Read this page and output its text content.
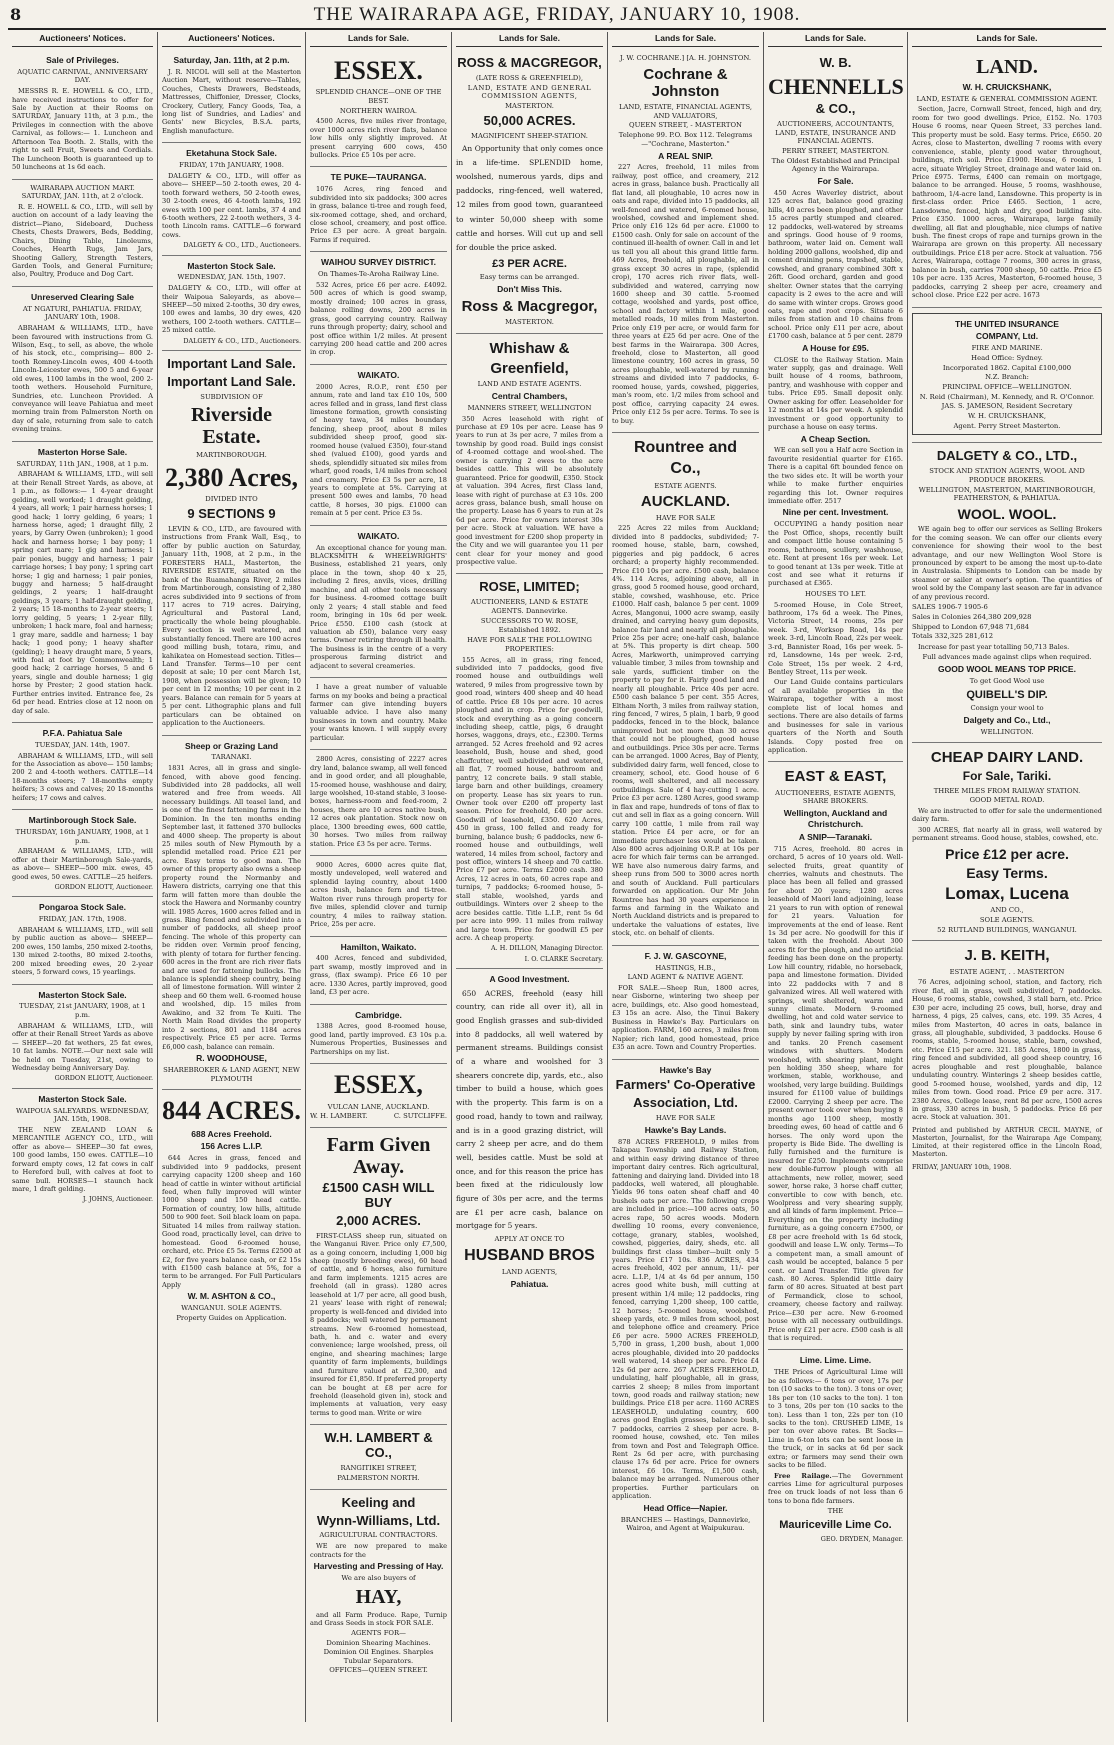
8	THE WAIRARAPA AGE, FRIDAY, JANUARY 10, 1908.
Auctioneers' Notices.
Sale of Privileges.
AQUATIC CARNIVAL, ANNIVERSARY DAY.
MESSRS R. E. HOWELL & CO., LTD., have received instructions to offer for Sale by Auction at their Rooms on SATURDAY, January 11th, at 3 p.m., the Privileges in connection with the above Carnival, as follows:— 1. Luncheon and Afternoon Tea Booth. 2. Stalls, with the right to sell Fruit, Sweets and Cordials. The Luncheon Booth is guaranteed up to 50 luncheons at 1s 6d each.
WAIRARAPA AUCTION MART. SATURDAY, JAN. 11th, at 2 o'clock.
R. E. HOWELL & CO., LTD., will sell by auction on account of a lady leaving the district—Piano, Sideboard, Duchess Chests, Chests Drawers, Beds, Bedding, Chairs, Dining Table, Linoleums, Couches, Hearth Rugs, Jam Jars, Shooting Gallery, Strength Testers, Garden Tools, and General Furniture; also, Poultry, Produce and Dog Cart.
Unreserved Clearing Sale
AT NGATURI, PAHIATUA. FRIDAY, JANUARY 10th, 1908.
ABRAHAM & WILLIAMS, LTD., have been favoured with instructions from G. Wilson, Esq., to sell, as above, the whole of his stock, etc., comprising— 800 2-tooth Romney-Lincoln ewes, 400 4-tooth Lincoln-Leicester ewes, 500 5 and 6-year old ewes, 1100 lambs in the wool, 200 2-tooth wethers. Household Furniture, Sundries, etc. Luncheon Provided. A conveyance will leave Pahiatua and meet morning train from Palmerston North on day of sale, returning from sale to catch evening trains.
Masterton Horse Sale.
SATURDAY, 11th JAN., 1908, at 1 p.m.
ABRAHAM & WILLIAMS, LTD., will sell at their Renall Street Yards, as above, at 1 p.m., as follows:— 1 4-year draught gelding, well worked; 1 draught gelding, 4 years, all work; 1 pair harness horses; 1 good hack; 1 lorry gelding, 6 years; 1 harness horse, aged; 1 draught filly, 2 years, by Garry Owen (unbroken); 1 good hack and harness horse; 1 bay pony; 1 spring cart mare; 1 gig and harness; 1 pair ponies, buggy and harness; 1 pair carriage horses; 1 bay pony; 1 spring cart horse; 1 gig and harness; 1 pair ponies, buggy and harness; 5 half-draught geldings, 2 years; 1 half-draught geldings, 3 years; 1 half-draught gelding, 2 years; 15 18-months to 2-year steers; 1 lorry gelding, 5 years; 1 2-year filly, unbroken; 1 hack mare, foal and harness; 1 gray mare, saddle and harness; 1 bay hack; 1 good pony; 1 heavy shafter (gelding); 1 heavy draught mare, 5 years, with foal at foot by Commonwealth; 1 good hack; 2 carriage horses, 5 and 6 years, single and double harness; 1 gig horse by Prester; 2 good station hack. Further entries invited. Entrance fee, 2s 6d per head. Entries close at 12 noon on day of sale.
P.F.A. Pahiatua Sale
TUESDAY, JAN. 14th, 1907.
ABRAHAM & WILLIAMS, LTD., will sell for the Association as above— 150 lambs; 200 2 and 4-tooth wethers. CATTLE—14 18-months steers; 7 18-months empty heifers; 3 cows and calves; 20 18-months heifers; 17 cows and calves.
Martinborough Stock Sale.
THURSDAY, 16th JANUARY, 1908, at 1 p.m.
ABRAHAM & WILLIAMS, LTD., will offer at their Martinborough Sale-yards, as above— SHEEP—500 mix. ewes, 45 good ewes, 50 ewes. CATTLE—25 heifers.
GORDON ELIOTT, Auctioneer.
Pongaroa Stock Sale.
FRIDAY, JAN. 17th, 1908.
ABRAHAM & WILLIAMS, LTD., will sell by public auction as above— SHEEP—200 ewes, 150 lambs, 250 mixed 2-tooths, 130 mixed 2-tooths, 80 mixed 2-tooths, 200 mixed breeding ewes, 20 2-year steers, 5 forward cows, 15 yearlings.
Masterton Stock Sale.
TUESDAY, 21st JANUARY, 1908, at 1 p.m.
ABRAHAM & WILLIAMS, LTD., will offer at their Renall Street Yards as above— SHEEP—20 fat wethers, 25 fat ewes, 10 fat lambs. NOTE.—Our next sale will be held on Tuesday, 21st, owing to Wednesday being Anniversary Day.
GORDON ELIOTT, Auctioneer.
Masterton Stock Sale.
WAIPOUA SALEYARDS. WEDNESDAY, JAN. 15th, 1908.
THE NEW ZEALAND LOAN & MERCANTILE AGENCY CO., LTD., will offer as above— SHEEP—30 fat ewes, 100 good lambs, 150 ewes. CATTLE—10 forward empty cows, 12 fat cows in calf to Hereford bull, with calves at foot to same bull. HORSES—1 staunch hack mare, 1 draft gelding.
J. JOHNS, Auctioneer.
Auctioneers' Notices.
Saturday, Jan. 11th, at 2 p.m.
J. R. NICOL will sell at the Masterton Auction Mart, without reserve—Tables, Couches, Chests Drawers, Bedsteads, Mattresses, Chiffonier, Dresser, Clocks, Crockery, Cutlery, Fancy Goods, Tea, a long list of Sundries, and Ladies' and Gents' new Bicycles, B.S.A. parts, English manufacture.
Eketahuna Stock Sale.
FRIDAY, 17th JANUARY, 1908.
DALGETY & CO., LTD., will offer as above— SHEEP—50 2-tooth ewes, 20 4-tooth forward wethers, 50 2-tooth ewes, 30 2-tooth ewes, 46 4-tooth lambs, 192 ewes with 100 per cent. lambs, 37 4 and 6-tooth wethers, 22 2-tooth wethers, 3 4-tooth Lincoln rams. CATTLE—6 forward cows.
DALGETY & CO., LTD., Auctioneers.
Masterton Stock Sale.
WEDNESDAY, JAN. 15th, 1907.
DALGETY & CO., LTD., will offer at their Waipoua Saleyards, as above— SHEEP—50 mixed 2-tooths, 30 dry ewes, 100 ewes and lambs, 30 dry ewes, 420 wethers, 100 2-tooth wethers. CATTLE—25 mixed cattle.
DALGETY & CO., LTD., Auctioneers.
Important Land Sale.
Important Land Sale.
SUBDIVISION OF
Riverside Estate.
MARTINBOROUGH.
2,380 Acres,
DIVIDED INTO
9 SECTIONS 9
LEVIN & CO., LTD., are favoured with instructions from Frank Wall, Esq., to offer by public auction on Saturday, January 11th, 1908, at 2 p.m., in the FORESTERS HALL, Masterton, the RIVERSIDE ESTATE, situated on the bank of the Ruamahanga River, 2 miles from Martinborough, consisting of 2,380 acres subdivided into 9 sections of from 117 acres to 719 acres. Dairying, Agricultural and Pastoral Land, practically the whole being ploughable. Every section is well watered, and substantially fenced. There are 100 acres good milling bush, totara, rimu, and kahikatea on Homestead section. Titles—Land Transfer. Terms—10 per cent deposit at sale; 10 per cent March 1st, 1908, when possession will be given; 10 per cent in 12 months; 10 per cent in 2 years. Balance can remain for 5 years at 5 per cent. Lithographic plans and full particulars can be obtained on application to the Auctioneers.
Sheep or Grazing Land
TARANAKI.
1831 Acres, all in grass and single-fenced, with above good fencing. Subdivided into 28 paddocks, all well watered and free from weeds. All necessary buildings. All teasel land, and is one of the finest fattening farms in the Dominion. In the ten months ending September last, it fattened 370 bullocks and 4000 sheep. The property is about 25 miles south of New Plymouth by a splendid metalled road. Price £21 per acre. Easy terms to good man. The owner of this property also owns a sheep property round the Normanby and Hawera districts, carrying one that this farm will fatten more than double the stock the Hawera and Normanby country will. 1985 Acres, 1600 acres felled and in grass. Ring fenced and subdivided into a number of paddocks, all sheep proof fencing. The whole of this property can be ridden over. Vermin proof fencing, with plenty of totara for further fencing. 600 acres in the front are rich river flats and are used for fattening bullocks. The balance is splendid sheep country, being all of limestone formation. Will winter 2 sheep and 60 them well. 6-roomed house and woolshed, dip. 15 miles from Awakino, and 32 from Te Kuiti. The North Main Road divides the property into 2 sections, 801 and 1184 acres respectively. Price £5 per acre. Terms £6,000 cash, balance can remain.
R. WOODHOUSE,
SHAREBROKER & LAND AGENT, NEW PLYMOUTH
844 ACRES.
688 Acres Freehold.
156 Acres L.I.P.
644 Acres in grass, fenced and subdivided into 9 paddocks, present carrying capacity 1200 sheep and 160 head of cattle in winter without artificial feed, when fully improved will winter 1000 sheep and 150 head cattle. Formation of country, low hills, altitude 500 to 900 feet. Soil black loam on papa. Situated 14 miles from railway station. Good road, practically level, can drive to homestead. Good 6-roomed house, orchard, etc. Price £5 5s. Terms £2500 at £2, for five years balance cash, or £2 15s with £1500 cash balance at 5%, for a term to be arranged. For Full Particulars Apply
W. M. ASHTON & CO.,
WANGANUI. SOLE AGENTS.
Property Guides on Application.
Lands for Sale.
ESSEX.
SPLENDID CHANCE—ONE OF THE BEST.
NORTHERN WAIROA.
4500 Acres, five miles river frontage, over 1000 acres rich river flats, balance low hills only slightly improved. At present carrying 600 cows, 450 bullocks. Price £5 10s per acre.
TE PUKE—TAURANGA.
1076 Acres, ring fenced and subdivided into six paddocks; 300 acres in grass, balance ti-tree and rough feed, six-roomed cottage, shed, and orchard, close school, creamery, and post office. Price £3 per acre. A great bargain. Farms if required.
WAIHOU SURVEY DISTRICT.
On Thames-Te-Aroha Railway Line.
532 Acres, price £6 per acre. £4092. 500 acres of which is good swamp, mostly drained; 100 acres in grass, balance rolling downs, 200 acres in grass, good carrying country. Railway runs through property; dairy, school and post office within 1/2 miles. At present carrying 200 head cattle and 200 acres in crop.
WAIKATO.
2000 Acres, R.O.P., rent £50 per annum, rate and land tax £10 10s, 500 acres felled and in grass, land first class limestone formation, growth consisting of heavy tawa, 34 miles boundary fencing, sheep proof, about 8 miles subdivided sheep proof, good six-roomed house (valued £350), four-stand shed (valued £100), good yards and sheds, splendidly situated six miles from wharf, good roads, 1/4 miles from school and creamery. Price £3 5s per acre, 18 years to complete at 5%. Carrying at present 500 ewes and lambs, 70 head cattle, 8 horses, 30 pigs. £1000 can remain at 5 per cent. Price £3 5s.
WAIKATO.
An exceptional chance for young man. BLACKSMITH & WHEELWRIGHTS' Business, established 21 years, only place in the town, shop 40 x 25, including 2 fires, anvils, vices, drilling machine, and all other tools necessary for business. 4-roomed cottage built only 2 years; 4 stall stable and feed room, bringing in 10s 6d per week. Price £550. £100 cash (stock at valuation ab £50), balance very easy terms. Owner retiring through ill health. The business is in the centre of a very prosperous farming district and adjacent to several creameries.
I have a great number of valuable farms on my books and being a practical farmer can give intending buyers valuable advice. I have also many businesses in town and country. Make your wants known. I will supply every particular.
2800 Acres, consisting of 2227 acres dry land, balance swamp, all well fenced and in good order, and all ploughable, 15-roomed house, washhouse and dairy, large woolshed, 10-stand stable, 3 loose-boxes, harness-room and feed-room, 2 houses, there are 10 acres native bush, 12 acres oak plantation. Stock now on place, 1300 breeding ewes, 600 cattle, 30 horses. Two miles from railway station. Price £3 5s per acre. Terms.
9000 Acres, 6000 acres quite flat, mostly undeveloped, well watered and splendid laying country, about 1400 acres bush, balance fern and ti-tree. Walton river runs through property for five miles, splendid clover and turnip country, 4 miles to railway station. Price, 25s per acre.
Hamilton, Waikato.
400 Acres, fenced and subdivided, part swamp, mostly improved and in grass, (flax swamp). Price £6 10 per acre. 1330 Acres, partly improved, good land, £3 per acre.
Cambridge.
1388 Acres, good 8-roomed house, good land, partly improved. £3 10s p.a. Numerous Properties, Businesses and Partnerships on my list.
ESSEX,
VULCAN LANE, AUCKLAND.
W. H. LAMBERT.	C. SUTCLIFFE.
Farm Given Away.
£1500 CASH WILL BUY
2,000 ACRES.
FIRST-CLASS sheep run, situated on the Wanganui River. Price only £7,500, as a going concern, including 1,000 big sheep (mostly breeding ewes), 60 head of cattle, and 6 horses, also furniture and farm implements. 1215 acres are freehold (all in grass). 1280 acres leasehold at 1/7 per acre, all good bush, 21 years' lease with right of renewal; property is well-fenced and divided into 8 paddocks; well watered by permanent streams. New 6-roomed homestead, bath, h. and c. water and every convenience; large woolshed, press, oil engine, and shearing machines; large quantity of farm implements, buildings and furniture valued at £2,300, and insured for £1,850. If preferred property can be bought at £8 per acre for freehold (leasehold given in), stock and implements at valuation, very easy terms to good man. Write or wire
W.H. LAMBERT & CO.,
RANGITIKEI STREET,
PALMERSTON NORTH.
Keeling and
Wynn-Williams, Ltd.
AGRICULTURAL CONTRACTORS.
WE are now prepared to make contracts for the
Harvesting and Pressing of Hay.
We are also buyers of
HAY,
and all Farm Produce. Rape, Turnip and Grass Seeds in stock FOR SALE.
AGENTS FOR—
Dominion Shearing Machines. Dominion Oil Engines. Sharples Tubular Separators.
OFFICES—QUEEN STREET.
Lands for Sale.
ROSS & MACGREGOR,
(LATE ROSS & GREENFIELD),
LAND, ESTATE AND GENERAL COMMISSION AGENTS,
MASTERTON.
50,000 ACRES.
MAGNIFICENT SHEEP-STATION.
An Opportunity that only comes once in a life-time. SPLENDID home, woolshed, numerous yards, dips and paddocks, ring-fenced, well watered, 12 miles from good town, guaranteed to winter 50,000 sheep with some cattle and horses. Will cut up and sell for double the price asked.
£3 PER ACRE.
Easy terms can be arranged.
Don't Miss This.
Ross & Macgregor,
MASTERTON.
Whishaw &
Greenfield,
LAND AND ESTATE AGENTS.
Central Chambers,
MANNERS STREET, WELLINGTON
350 Acres leasehold with right of purchase at £9 10s per acre. Lease has 9 years to run at 3s per acre, 7 miles from a township by good road. Build ings consist of 4-roomed cottage and wool-shed. The owner is carrying 2 ewes to the acre besides cattle. This will be absolutely guaranteed. Price for goodwill, £350. Stock at valuation. 394 Acres, first Class land, lease with right of purchase at £3 10s. 200 acres grass, balance bush, small house on the property. Lease has 6 years to run at 2s 6d per acre. Price for owners interest 30s per acre. Stock at valuation. WE have a good investment for £200 shop property in the City and we will guarantee you 11 per cent clear for your money and good prospective value.
ROSE, LIMITED;
AUCTIONEERS, LAND & ESTATE AGENTS. Dannevirke.
SUCCESSORS TO W. ROSE,
Established 1892.
HAVE FOR SALE THE FOLLOWING PROPERTIES:
155 Acres, all in grass, ring fenced, subdivided into 7 paddocks, good five roomed house and outbuildings well watered, 9 miles from progressive town by good road, winters 400 sheep and 40 head of cattle. Price £8 10s per acre. 10 acres ploughed and in crop. Price for goodwill, stock and everything as a going concern including sheep, cattle, pigs, 6 draught horses, waggons, drays, etc., £2300. Terms arranged. 52 Acres freehold and 92 acres leasehold, Bush, house and shed, good chaffcutter, well subdivided and watered, all flat, 7 roomed house, bathroom and pantry, 12 concrete bails. 9 stall stable, large barn and other buildings, creamery on property. Lease has six years to run. Owner took over £200 off property last season. Price for freehold, £40 per acre. Goodwill of leasehold, £350. 620 Acres, 450 in grass, 100 felled and ready for burning, balance bush; 6 paddocks, new 6-roomed house and outbuildings, well watered, 14 miles from school, factory and post office, winters 14 sheep and 70 cattle. Price £7 per acre. Terms £2000 cash. 380 Acres, 12 acres in oats, 60 acres rape and turnips, 7 paddocks; 6-roomed house, 5-stall stable, woolshed, yards and outbuildings. Winters over 2 sheep to the acre besides cattle. Title L.I.P., rent 5s 6d per acre into 999. 11 miles from railway and large town. Price for goodwill £5 per acre. A cheap property.
A. H. DILLON, Managing Director.
I. O. CLARKE Secretary.
A Good Investment.
650 ACRES, freehold (easy hill country, can ride all over it), all in good English grasses and sub-divided into 8 paddocks, all well watered by permanent streams. Buildings consist of a whare and woolshed for 3 shearers concrete dip, yards, etc., also timber to build a house, which goes with the property. This farm is on a good road, handy to town and railway, and is in a good grazing district, will carry 2 sheep per acre, and do them well, besides cattle. Must be sold at once, and for this reason the price has been fixed at the ridiculously low figure of 30s per acre, and the terms are £1 per acre cash, balance on mortgage for 5 years.
APPLY AT ONCE TO
HUSBAND BROS
LAND AGENTS,
Pahiatua.
Lands for Sale.
J. W. COCHRANE.] [A. H. JOHNSTON.
Cochrane & Johnston
LAND, ESTATE, FINANCIAL AGENTS, AND VALUATORS,
QUEEN STREET, - MASTERTON
Telephone 99. P.O. Box 112. Telegrams—"Cochrane, Masterton."
A REAL SNIP.
227 Acres, freehold, 11 miles from railway, post office, and creamery, 212 acres in grass, balance bush. Practically all flat land, all ploughable, 10 acres now in oats and rape, divided into 15 paddocks, all well-fenced and watered, 6-roomed house, woolshed, cowshed and implement shed. Price only £16 12s 6d per acre. £1000 to £1500 cash. Only for sale on account of the continued ill-health of owner. Call in and let us tell you all about this grand little farm. 469 Acres, freehold, all ploughable, all in grass except 30 acres in rape, (splendid crop), 170 acres rich river flats, well-subdivided and watered, carrying now 1600 sheep and 30 cattle. 5-roomed cottage, woolshed and yards, post office, school and factory within 1 mile, good metalled roads, 10 miles from Masterton. Price only £19 per acre, or would farm for three years at £25 6d per acre. One of the best farms in the Wairarapa. 300 Acres, freehold, close to Masterton, all good limestone country, 160 acres in grass, 50 acres ploughable, well-watered by running streams and divided into 7 paddocks, 6-roomed house, yards, cowshed, piggeries, man's room, etc. 1/2 miles from school and post office, carrying capacity 24 ewes. Price only £12 5s per acre. Terms. To see is to buy.
Rountree and
Co.,
ESTATE AGENTS.
AUCKLAND.
HAVE FOR SALE
225 Acres 22 miles from Auckland; divided into 8 paddocks, subdivided; 7-roomed house, stable, barn, cowshed, piggeries and pig paddock, 6 acres orchard; a property highly recommended. Price £10 10s per acre. £500 cash, balance 4%. 114 Acres, adjoining above, all in grass, good 5 roomed house, good orchard, stable, cowshed, washhouse, etc. Price £1000. Half cash, balance 5 per cent. 1009 Acres, Mangonui, 1000 acre swamp, easily drained, and carrying heavy gum deposits, balance fair land and nearly all ploughable. Price 25s per acre; one-half cash, balance at 5%. This property is dirt cheap. 500 Acres, Markworth, unimproved carrying valuable timber, 3 miles from township and sale yards, sufficient timber on the property to pay for it. Fairly good land and nearly all ploughable. Price 40s per acre. £500 cash balance 5 per cent. 355 Acres, Eltham North, 3 miles from railway station, ring fenced, 7 wires, 5 plain, 1 barb, 9 good paddocks, fenced in to the block, balance unimproved but not more than 30 acres that could not be ploughed, good house and outbuildings. Price 30s per acre. Terms can be arranged. 1000 Acres, Bay of Plenty, subdivided dairy farm, well fenced, close to creamery, school, etc. Good house of 6 rooms, well sheltered, and all necessary outbuildings. Sale of 4 hay-cutting 1 acre. Price £3 per acre. 1280 Acres, good swamp in flax and rape, hundreds of tons of flax to cut and sell in flax as a going concern. Will carry 100 cattle, 1 mile from rail way station. Price £4 per acre, or for an immediate purchaser less would be taken. Also 800 acres adjoining O.R.P. at 10s per acre for which fair terms can be arranged. WE have also numerous dairy farms, and sheep runs from 500 to 3000 acres north and south of Auckland. Full particulars forwarded on application. Our Mr John Rountree has had 30 years experience in farms and farming in the Waikato and North Auckland districts and is prepared to undertake the valuations of estates, live stock, etc. on behalf of clients.
F. J. W. GASCOYNE,
HASTINGS, H.B.,
LAND AGENT & NATIVE AGENT.
FOR SALE.—Sheep Run, 1800 acres, near Gisborne, wintering two sheep per acre, buildings, etc. Also good homestead, £3 15s an acre. Also, the Tinui Bakery Business in Hawke's Bay. Particulars on application. FARM, 160 acres, 3 miles from Napier; rich land, good homestead, price £35 an acre. Town and Country Properties.
Hawke's Bay
Farmers' Co-Operative
Association, Ltd.
HAVE FOR SALE
Hawke's Bay Lands.
878 ACRES FREEHOLD, 9 miles from Takapau Township and Railway Station, and within easy driving distance of three important dairy centres. Rich agricultural, fattening and dairying land. Divided into 18 paddocks, well watered, all ploughable. Yields 96 tons oaten sheaf chaff and 40 bushels oats per acre. The following crops are included in price:—100 acres oats, 50 acres rape, 50 acres woods. Modern dwelling 10 rooms, every convenience, cottage, granary, stables, woolshed, cowshed, piggeries, dairy, sheds, etc. all buildings first class timber—built only 5 years. Price £17 10s. 836 ACRES, 434 acres freehold, 402 per annum, 11/- per acre. L.I.P., 1/4 at 4s 6d per annum, 150 acres good white bush, mill cutting at present within 1/4 mile; 12 paddocks, ring fenced, carrying 1,200 sheep, 100 cattle, 12 horses; 5-roomed house, woolshed, sheep yards, etc. 9 miles from school, post and telephone office and creamery. Price £6 per acre. 5900 ACRES FREEHOLD, 5,700 in grass, 1,200 bush, about 1,000 acres ploughable, divided into 20 paddocks well watered, 14 sheep per acre. Price £4 12s 6d per acre. 267 ACRES FREEHOLD, undulating, half ploughable, all in grass, carries 2 sheep; 8 miles from important town, good roads and railway station; new buildings. Price £18 per acre. 1160 ACRES LEASEHOLD, undulating country, 600 acres good English grasses, balance bush, 7 paddocks, carries 2 sheep per acre. 8-roomed house, cowshed, etc. Ten miles from town and Post and Telegraph Office. Rent 2s 6d per acre, with purchasing clause 17s 6d per acre. Price for owners interest, £6 10s. Terms, £1,500 cash, balance may be arranged. Numerous other properties. Further particulars on application.
Head Office—Napier.
BRANCHES — Hastings, Dannevirke, Wairoa, and Agent at Waipukurau.
Lands for Sale.
W. B.
CHENNELLS
& CO.,
AUCTIONEERS, ACCOUNTANTS, LAND, ESTATE, INSURANCE AND FINANCIAL AGENTS.
PERRY STREET, MASTERTON.
The Oldest Established and Principal Agency in the Wairarapa.
For Sale.
450 Acres Waverley district, about 125 acres flat, balance good grazing hills, 40 acres been ploughed, and other 15 acres partly stumped and cleared. 12 paddocks, well-watered by streams and springs. Good house of 9 rooms, bathroom, water laid on. Cement wall holding 2000 gallons, woolshed, dip and cement draining pens, trapshed, stable, cowshed, and granary combined 30ft x 26ft. Good orchard, garden and good shelter. Owner states that the carrying capacity is 2 ewes to the acre and will do same with winter crops. Grows good oats, rape and root crops. Situate 6 miles from station and 10 chains from school. Price only £11 per acre, about £1700 cash, balance at 5 per cent. 2879
A House for £95.
CLOSE to the Railway Station. Main water supply, gas and drainage. Well built house of 4 rooms, bathroom, pantry, and washhouse with copper and tubs. Price £95. Small deposit only. Owner asking for offer. Leaseholder for 12 months at 14s per week. A splendid investment or good opportunity to purchase a house on easy terms.
A Cheap Section.
WE can sell you a Half acre Section in favourite residential quarter for £165. There is a capital 6ft bounded fence on the two sides etc. It will be worth your while to make further enquiries regarding this lot. Owner requires immediate offer. 2517
Nine per cent. Investment.
OCCUPYING a handy position near the Post Office, shops, recently built and compact little house containing 5 rooms, bathroom, scullery, washhouse, etc. Rent at present 16s per week. Let to good tenant at 13s per week. Title at cost and see what it returns if purchased at £365.
HOUSES TO LET.
5-roomed House, in Cole Street, bathroom, 17s 6d a week. The Pines, Victoria Street, 14 rooms, 25s per week. 3-rd, Worksop Road, 14s per week. 3-rd, Lincoln Road, 22s per week. 3-rd, Bannister Road, 16s per week. 5-rd, Lansdowne, 14s per week. 2-rd, Cole Street, 15s per week. 2 4-rd, Bentley Street, 11s per week.
Our Land Guide contains particulars of all available properties in the Wairarapa, together with a most complete list of local homes and sections. There are also details of farms and businesses for sale in various quarters of the North and South Islands. Copy posted free on application.
EAST & EAST,
AUCTIONEERS, ESTATE AGENTS, SHARE BROKERS.
Wellington, Auckland and Christchurch.
A SNIP—Taranaki.
715 Acres, freehold. 80 acres in orchard, 5 acres of 10 years old. Well-selected fruits, great quantity of cherries, walnuts and chestnuts. The place has been all felled and grassed for about 20 years; 1280 acres leasehold of Maori land adjoining, lease 21 years to run with option of renewal for 21 years. Valuation for improvements at the end of lease. Rent 1s 3d per acre. No goodwill for this if taken with the freehold. About 300 acres fit for the plough, and no artificial feeding has been done on the property. Low hill country, ridable, no horseback, papa and limestone formation. Divided into 22 paddocks with 7 and 8 galvanized wires. All well watered with springs, well sheltered, warm and sunny climate. Modern 9-roomed dwelling, hot and cold water service to bath, sink and laundry tubs, water supply by never failing spring with iron and tanks. 20 French casement windows with shutters. Modern woolshed, with shearing plant, might pen holding 350 sheep, whare for workmen, stable, workhouse, and woolshed, very large building. Buildings insured for £1100 value of buildings £2000. Carrying 2 sheep per acre. The present owner took over when buying 8 months ago 1100 sheep, mostly breeding ewes, 60 head of cattle and 6 horses. The only word upon the property is Bide Bide. The dwelling is fully furnished and the furniture is insured for £250. Implements comprise new double-furrow plough with all attachments, new roller, mower, seed sower, horse rake, 3 horse chaff cutter, convertible to cow with bench, etc. Woolpress and very shearing supply, and all kinds of farm implement. Price—Everything on the property including furniture, as a going concern £7500, or £8 per acre freehold with 1s 6d stock, goodwill and lease L.W. only. Terms—To a competent man, a small amount of cash would be accepted, balance 5 per cent. or Land Transfer. Title given for cash. 80 Acres. Splendid little dairy farm of 80 acres. Situated at best part of Fermandick, close to school, creamery, cheese factory and railway. Price—£30 per acre. New 6-roomed house with all necessary outbuildings. Price only £21 per acre. £500 cash is all that is required.
Lime. Lime. Lime.
THE Prices of Agricultural Lime will be as follows:— 6 tons or over, 17s per ton (10 sacks to the ton). 3 tons or over, 18s per ton (10 sacks to the ton). 1 ton to 3 tons, 20s per ton (10 sacks to the ton). Less than 1 ton, 22s per ton (10 sacks to the ton). CRUSHED LIME, 1s per ton over above rates. Bt Sacks—Lime in 6-ton lots can be sent loose in the truck, or in sacks at 6d per sack extra; or farmers may send their own sacks to be filled.
Free Railage.—The Government carries Lime for agricultural purposes free on truck loads of not less than 6 tons to bona fide farmers.
THE
Mauriceville Lime Co.
GEO. DRYDEN, Manager.
Lands for Sale.
LAND.
W. H. CRUICKSHANK,
LAND, ESTATE & GENERAL COMMISSION AGENT.
Section, Jacre, Cornwall Street, fenced, high and dry, room for two good dwellings. Price, £152. No. 1703 House 6 rooms, near Queen Street, 33 perches land. This property must be sold. Easy terms. Price, £650. 20 Acres, close to Masterton, dwelling 7 rooms with every convenience, stable, plenty good water throughout, buildings, rich soil. Price £1900. House, 6 rooms, 1 acre, situate Wrigley Street, drainage and water laid on. Price £975. Terms, £400 can remain on mortgage, balance to be arranged. House, 5 rooms, washhouse, bathroom, 1/4-acre land, Lansdowne. This property is in first-class order. Price £465. Section, 1 acre, Lansdowne, fenced, high and dry, good building site. Price £350. 1000 acres, Wairarapa, large family dwelling, all flat and ploughable, nice clumps of native bush. The finest crops of rape and turnips grown in the Wairarapa are grown on this property. All necessary outbuildings. Price £18 per acre. Stock at valuation. 756 Acres, Wairarapa, cottage 7 rooms, 300 acres in grass, balance in bush, carries 7000 sheep, 50 cattle. Price £5 10s per acre. 135 Acres, Masterton, 6-roomed house, 3 paddocks, carrying 2 sheep per acre, creamery and school close. Price £22 per acre. 1673
THE UNITED INSURANCE
COMPANY, Ltd.
FIRE AND MARINE.
Head Office: Sydney.
Incorporated 1862. Capital £100,000
N.Z. Branch:
PRINCIPAL OFFICE—WELLINGTON.
N. Reid (Chairman), M. Kennedy, and R. O'Connor.
JAS. S. JAMESON, Resident Secretary
W. H. CRUICKSHANK,
Agent. Perry Street Masterton.
DALGETY & CO., LTD.,
STOCK AND STATION AGENTS, WOOL AND PRODUCE BROKERS.
WELLINGTON, MASTERTON, MARTINBOROUGH, FEATHERSTON, & PAHIATUA.
WOOL. WOOL.
WE again beg to offer our services as Selling Brokers for the coming season. We can offer our clients every convenience for showing their wool to the best advantage, and our new Wellington Wool Store is pronounced by expert to be among the most up-to-date in Australasia. Shipments to London can be made by steamer or sailer at owner's option. The quantities of wool sold by the Company last season are far in advance of any previous record.
SALES 1906-7 1905-6
Sales in Colonies 264,380 209,928
Shipped to London 67,948 71,684
Totals 332,325 281,612
Increase for past year totalling 50,713 Bales.
Full advances made against clips when required.
GOOD WOOL MEANS TOP PRICE.
To get Good Wool use
QUIBELL'S DIP.
Consign your wool to
Dalgety and Co., Ltd.,
WELLINGTON.
CHEAP DAIRY LAND.
For Sale, Tariki.
THREE MILES FROM RAILWAY STATION.
GOOD METAL ROAD.
We are instructed to offer for sale the undermentioned dairy farm.
300 ACRES, flat nearly all in grass, well watered by permanent streams. Good house, stables, cowshed, etc.
Price £12 per acre.
Easy Terms.
Lomax, Lucena
AND CO.,
SOLE AGENTS.
52 RUTLAND BUILDINGS, WANGANUI.
J. B. KEITH,
ESTATE AGENT, . . MASTERTON
76 Acres, adjoining school, station, and factory, rich river flat, all in grass, well subdivided, 7 paddocks. House, 6 rooms, stable, cowshed, 3 stall barn, etc. Price £30 per acre, including 25 cows, bull, horse, dray and harness, 4 pigs, 25 calves, cans, etc. 199. 35 Acres, 4 miles from Masterton, 40 acres in oats, balance in grass, all ploughable, subdivided, 3 paddocks. House 6 rooms, stable, 5-roomed house, stable, barn, cowshed, etc. Price £15 per acre. 321. 185 Acres, 1800 in grass, ring fenced and subdivided, all good sheep country, 16 acres ploughable and rest ploughable, balance undulating country. Winterings 2 sheep besides cattle, good 5-roomed house, woolshed, yards and dip, 12 miles from town. Good road. Price £9 per acre. 317. 2380 Acres, College lease, rent 8d per acre, 1500 acres in grass, 330 acres in bush, 5 paddocks. Price £6 per acre. Stock at valuation. 301.
Printed and published by ARTHUR CECIL MAYNE, of Masterton, Journalist, for the Wairarapa Age Company, Limited, at their registered office in the Lincoln Road, Masterton.
FRIDAY, JANUARY 10th, 1908.
